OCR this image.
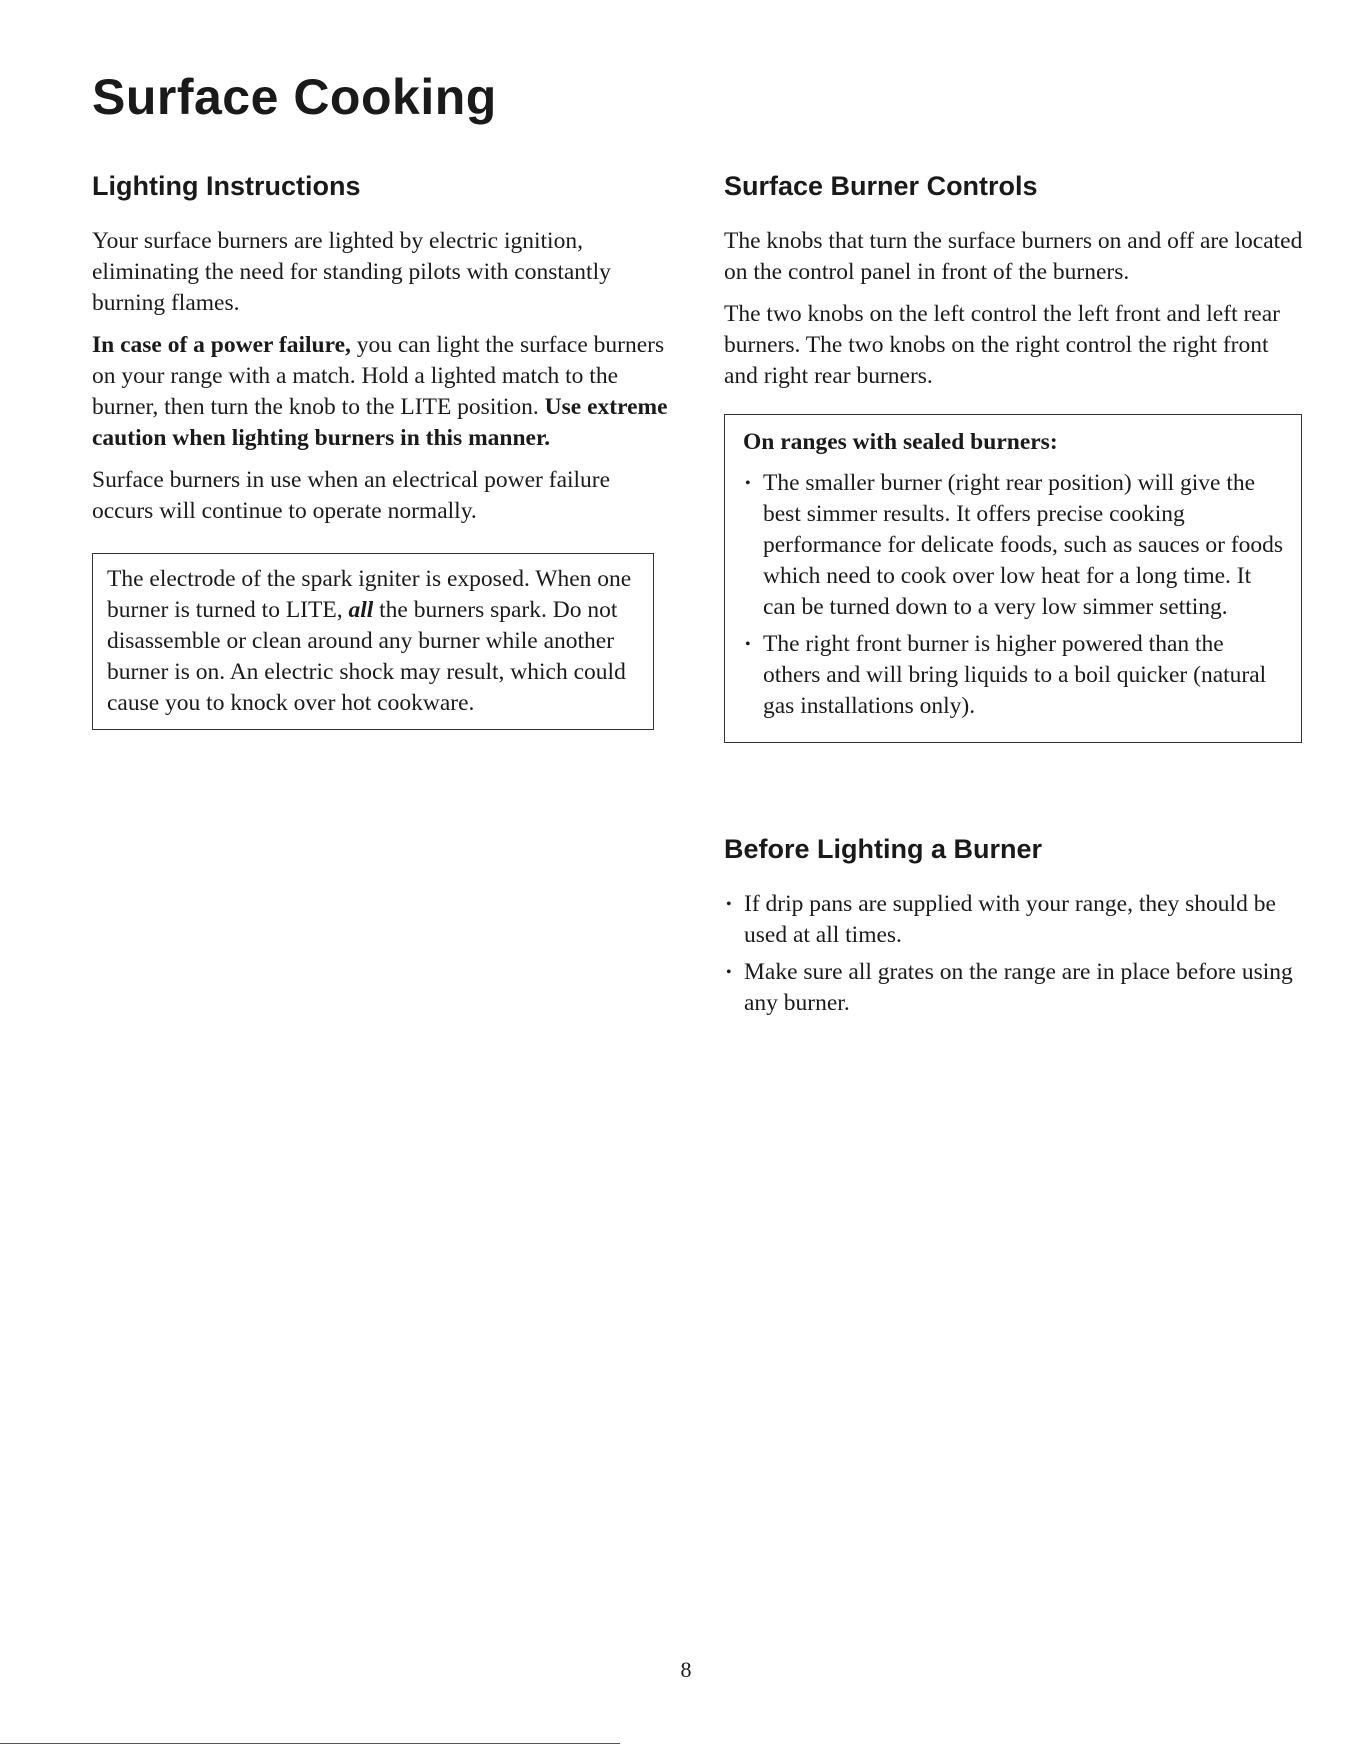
Surface Cooking
Lighting Instructions

Your surface burners are lighted by electric ignition, eliminating the need for standing pilots with constantly burning flames.

In case of a power failure, you can light the surface burners on your range with a match. Hold a lighted match to the burner, then turn the knob to the LITE position. Use extreme caution when lighting burners in this manner.

Surface burners in use when an electrical power failure occurs will continue to operate normally.

The electrode of the spark igniter is exposed. When one burner is turned to LITE, all the burners spark. Do not disassemble or clean around any burner while another burner is on. An electric shock may result, which could cause you to knock over hot cookware.

Surface Burner Controls

The knobs that turn the surface burners on and off are located on the control panel in front of the burners.

The two knobs on the left control the left front and left rear burners. The two knobs on the right control the right front and right rear burners.

On ranges with sealed burners:

• The smaller burner (right rear position) will give the best simmer results. It offers precise cooking performance for delicate foods, such as sauces or foods which need to cook over low heat for a long time. It can be turned down to a very low simmer setting.
• The right front burner is higher powered than the others and will bring liquids to a boil quicker (natural gas installations only).
Before Lighting a Burner
• If drip pans are supplied with your range, they should be used at all times.
• Make sure all grates on the range are in place before using any burner.
8
